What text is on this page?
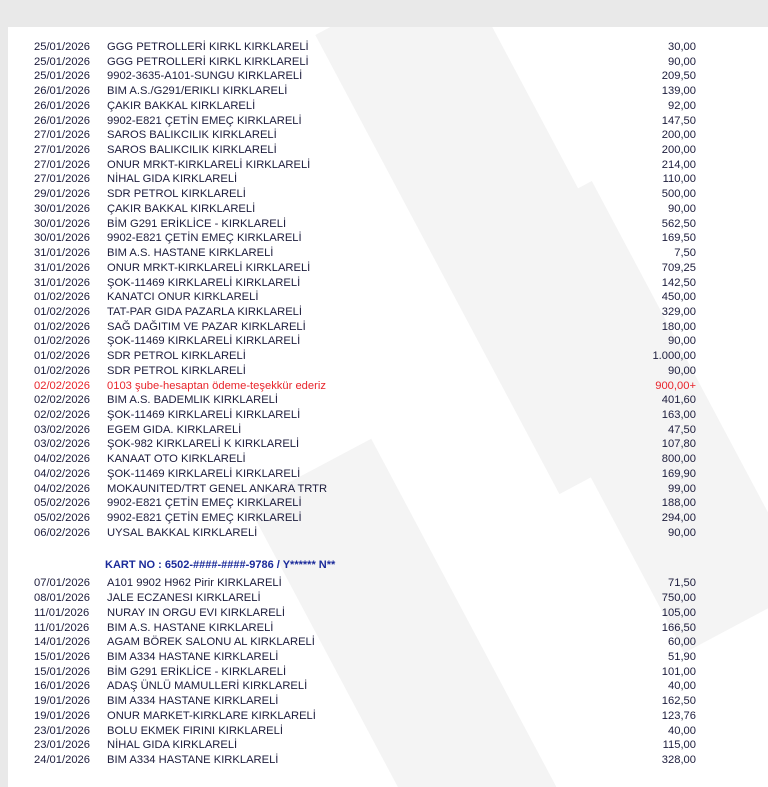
25/01/2026 GGG PETROLLERİ KIRKL KIRKLARELİ	30,00
25/01/2026 GGG PETROLLERİ KIRKL KIRKLARELİ	90,00
25/01/2026 9902-3635-A101-SUNGU KIRKLARELİ	209,50
26/01/2026 BIM A.S./G291/ERIKLI KIRKLARELİ	139,00
26/01/2026 ÇAKIR BAKKAL KIRKLARELİ	92,00
26/01/2026 9902-E821 ÇETİN EMEÇ KIRKLARELİ	147,50
27/01/2026 SAROS BALIKCILIK KIRKLARELİ	200,00
27/01/2026 SAROS BALIKCILIK KIRKLARELİ	200,00
27/01/2026 ONUR MRKT-KIRKLARELİ KIRKLARELİ	214,00
27/01/2026 NİHAL GIDA KIRKLARELİ	110,00
29/01/2026 SDR PETROL KIRKLARELİ	500,00
30/01/2026 ÇAKIR BAKKAL KIRKLARELİ	90,00
30/01/2026 BİM G291 ERİKLİCE - KIRKLARELİ	562,50
30/01/2026 9902-E821 ÇETİN EMEÇ KIRKLARELİ	169,50
31/01/2026 BIM A.S. HASTANE KIRKLARELİ	7,50
31/01/2026 ONUR MRKT-KIRKLARELİ KIRKLARELİ	709,25
31/01/2026 ŞOK-11469 KIRKLARELİ KIRKLARELİ	142,50
01/02/2026 KANATCI ONUR KIRKLARELİ	450,00
01/02/2026 TAT-PAR GIDA PAZARLA KIRKLARELİ	329,00
01/02/2026 SAĞ DAĞITIM VE PAZAR KIRKLARELİ	180,00
01/02/2026 ŞOK-11469 KIRKLARELİ KIRKLARELİ	90,00
01/02/2026 SDR PETROL KIRKLARELİ	1.000,00
01/02/2026 SDR PETROL KIRKLARELİ	90,00
02/02/2026 0103 şube-hesaptan ödeme-teşekkür ederiz	900,00+
02/02/2026 BIM A.S. BADEMLIK KIRKLARELİ	401,60
02/02/2026 ŞOK-11469 KIRKLARELİ KIRKLARELİ	163,00
03/02/2026 EGEM GIDA. KIRKLARELİ	47,50
03/02/2026 ŞOK-982 KIRKLARELİ K KIRKLARELİ	107,80
04/02/2026 KANAAT OTO KIRKLARELİ	800,00
04/02/2026 ŞOK-11469 KIRKLARELİ KIRKLARELİ	169,90
04/02/2026 MOKAUNITED/TRT GENEL ANKARA TRTR	99,00
05/02/2026 9902-E821 ÇETİN EMEÇ KIRKLARELİ	188,00
05/02/2026 9902-E821 ÇETİN EMEÇ KIRKLARELİ	294,00
06/02/2026 UYSAL BAKKAL KIRKLARELİ	90,00
KART NO : 6502-####-####-9786 / Y****** N**
07/01/2026 A101 9902 H962 Pirir KIRKLARELİ	71,50
08/01/2026 JALE ECZANESI KIRKLARELİ	750,00
11/01/2026 NURAY IN ORGU EVI KIRKLARELİ	105,00
11/01/2026 BIM A.S. HASTANE KIRKLARELİ	166,50
14/01/2026 AGAM BÖREK SALONU AL KIRKLARELİ	60,00
15/01/2026 BIM A334 HASTANE KIRKLARELİ	51,90
15/01/2026 BİM G291 ERİKLİCE - KIRKLARELİ	101,00
16/01/2026 ADAŞ ÜNLÜ MAMULLERİ KIRKLARELİ	40,00
19/01/2026 BIM A334 HASTANE KIRKLARELİ	162,50
19/01/2026 ONUR MARKET-KIRKLARE KIRKLARELİ	123,76
23/01/2026 BOLU EKMEK FIRINI KIRKLARELİ	40,00
23/01/2026 NİHAL GIDA KIRKLARELİ	115,00
24/01/2026 BIM A334 HASTANE KIRKLARELİ	328,00
